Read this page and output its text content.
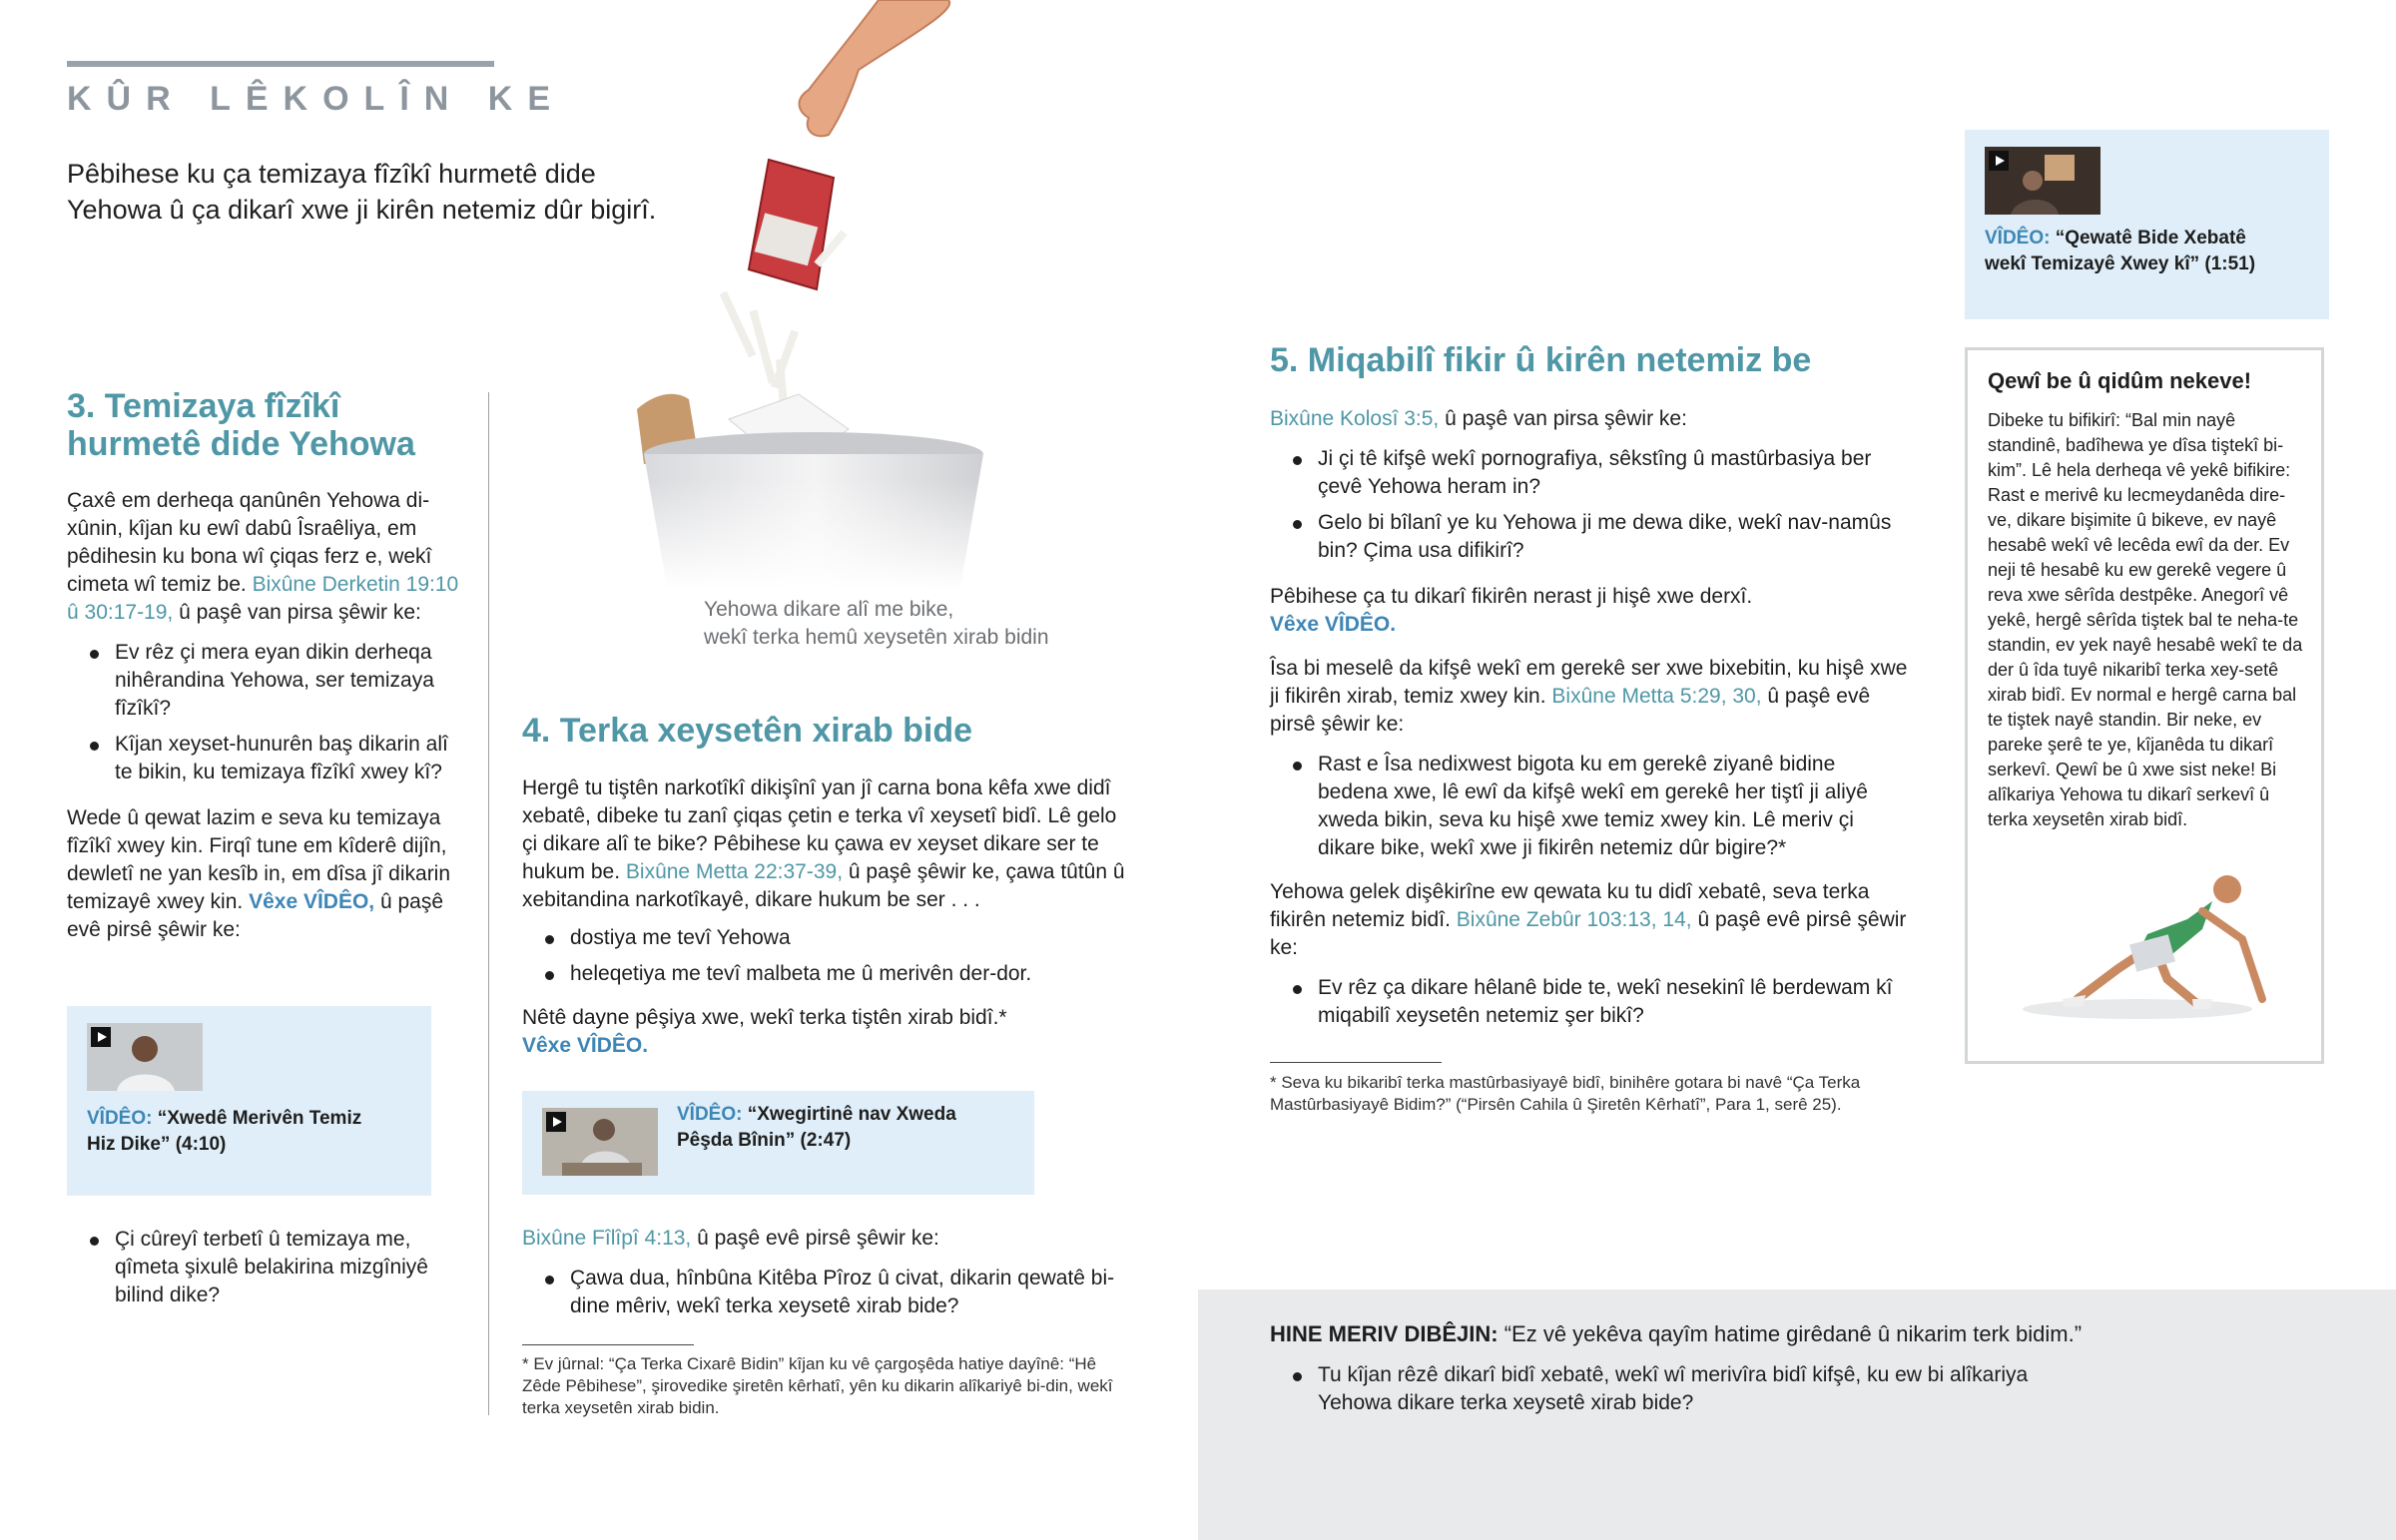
KÛR LÊKOLÎN KE
Pêbihese ku ça temizaya fîzîkî hurmetê dide
Yehowa û ça dikarî xwe ji kirên netemiz dûr bigirî.
Yehowa dikare alî me bike,
wekî terka hemû xeysetên xirab bidin
3. Temizaya fîzîkî
hurmetê dide Yehowa

Çaxê em derheqa qanûnên Yehowa di-xûnin, kîjan ku ewî dabû Îsraêliya, em pêdihesin ku bona wî çiqas ferz e, wekî cimeta wî temiz be. Bixûne Derketin 19:10 û 30:17-19, û paşê van pirsa şêwir ke:

Ev rêz çi mera eyan dikin derheqa nihêrandina Yehowa, ser temizaya fîzîkî?
Kîjan xeyset-hunurên baş dikarin alî te bikin, ku temizaya fîzîkî xwey kî?

Wede û qewat lazim e seva ku temizaya fîzîkî xwey kin. Firqî tune em kîderê dijîn, dewletî ne yan kesîb in, em dîsa jî dikarin temizayê xwey kin. Vêxe VÎDÊO, û paşê evê pirsê şêwir ke:

VÎDÊO: “Xwedê Merivên Temiz
Hiz Dike” (4:10)
Çi cûreyî terbetî û temizaya me, qîmeta şixulê belakirina mizgîniyê bilind dike?
4. Terka xeysetên xirab bide

Hergê tu tiştên narkotîkî dikişînî yan jî carna bona kêfa xwe didî xebatê, dibeke tu zanî çiqas çetin e terka vî xeysetî bidî. Lê gelo çi dikare alî te bike? Pêbihese ku çawa ev xeyset dikare ser te hukum be. Bixûne Metta 22:37-39, û paşê şêwir ke, çawa tûtûn û xebitandina narkotîkayê, dikare hukum be ser . . .

dostiya me tevî Yehowa
heleqetiya me tevî malbeta me û merivên der-dor.

Nêtê dayne pêşiya xwe, wekî terka tiştên xirab bidî.*
Vêxe VÎDÊO.

VÎDÊO: “Xwegirtinê nav Xweda
Pêşda Bînin” (2:47)

Bixûne Fîlîpî 4:13, û paşê evê pirsê şêwir ke:

Çawa dua, hînbûna Kitêba Pîroz û civat, dikarin qewatê bi-dine mêriv, wekî terka xeysetê xirab bide?
* Ev jûrnal: “Ça Terka Cixarê Bidin” kîjan ku vê çargoşêda hatiye dayînê: “Hê Zêde Pêbihese”, şirovedike şiretên kêrhatî, yên ku dikarin alîkariyê bi-din, wekî terka xeysetên xirab bidin.
VÎDÊO: “Qewatê Bide Xebatê
wekî Temizayê Xwey kî” (1:51)
5. Miqabilî fikir û kirên netemiz be

Bixûne Kolosî 3:5, û paşê van pirsa şêwir ke:

Ji çi tê kifşê wekî pornografiya, sêkstîng û mastûrbasiya ber çevê Yehowa heram in?
Gelo bi bîlanî ye ku Yehowa ji me dewa dike, wekî nav-namûs bin? Çima usa difikirî?

Pêbihese ça tu dikarî fikirên nerast ji hişê xwe derxî.
Vêxe VÎDÊO.

Îsa bi meselê da kifşê wekî em gerekê ser xwe bixebitin, ku hişê xwe ji fikirên xirab, temiz xwey kin. Bixûne Metta 5:29, 30, û paşê evê pirsê şêwir ke:

Rast e Îsa nedixwest bigota ku em gerekê ziyanê bidine bedena xwe, lê ewî da kifşê wekî em gerekê her tiştî ji aliyê xweda bikin, seva ku hişê xwe temiz xwey kin. Lê meriv çi dikare bike, wekî xwe ji fikirên netemiz dûr bigire?*

Yehowa gelek dişêkirîne ew qewata ku tu didî xebatê, seva terka fikirên netemiz bidî. Bixûne Zebûr 103:13, 14, û paşê evê pirsê şêwir ke:

Ev rêz ça dikare hêlanê bide te, wekî nesekinî lê berdewam kî miqabilî xeysetên netemiz şer bikî?
* Seva ku bikaribî terka mastûrbasiyayê bidî, binihêre gotara bi navê “Ça Terka Mastûrbasiyayê Bidim?” (“Pirsên Cahila û Şiretên Kêrhatî”, Para 1, serê 25).
Qewî be û qidûm nekeve!
Dibeke tu bifikirî: “Bal min nayê standinê, badîhewa ye dîsa tiştekî bi-kim”. Lê hela derheqa vê yekê bifikire: Rast e merivê ku lecmeydanêda dire-ve, dikare bişimite û bikeve, ev nayê hesabê wekî vê lecêda ewî da der. Ev neji tê hesabê ku ew gerekê vegere û reva xwe sêrîda destpêke. Anegorî vê yekê, hergê sêrîda tiştek bal te neha-te standin, ev yek nayê hesabê wekî te da der û îda tuyê nikaribî terka xey-setê xirab bidî. Ev normal e hergê carna bal te tiştek nayê standin. Bir neke, ev pareke şerê te ye, kîjanêda tu dikarî serkevî. Qewî be û xwe sist neke! Bi alîkariya Yehowa tu dikarî serkevî û terka xeysetên xirab bidî.
HINE MERIV DIBÊJIN: “Ez vê yekêva qayîm hatime girêdanê û nikarim terk bidim.”
Tu kîjan rêzê dikarî bidî xebatê, wekî wî merivîra bidî kifşê, ku ew bi alîkariya Yehowa dikare terka xeysetê xirab bide?
